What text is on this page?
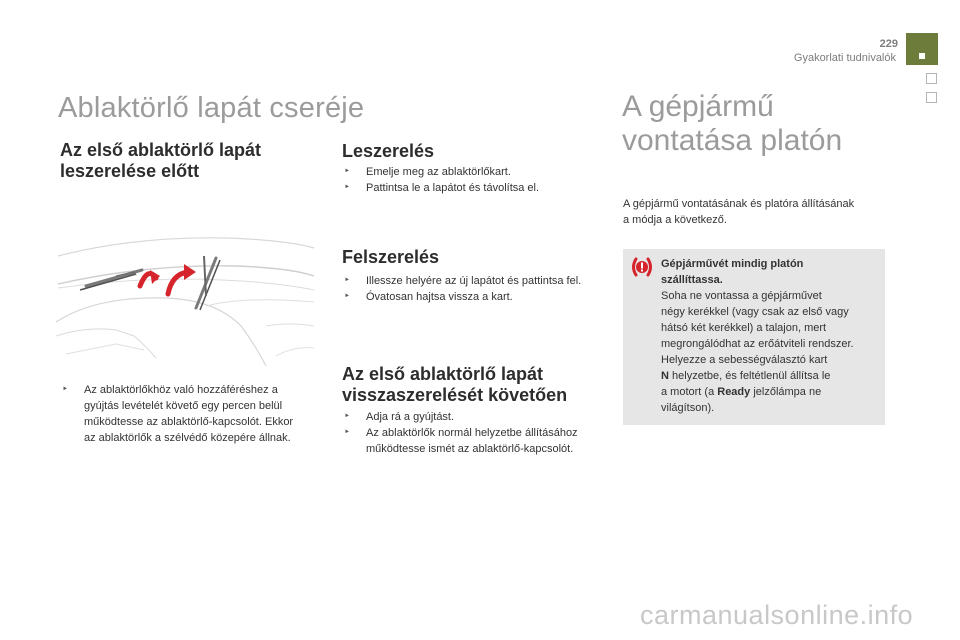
229
Gyakorlati tudnivalók
Ablaktörlő lapát cseréje
Az első ablaktörlő lapát
leszerelése előtt
‣ Az ablaktörlőkhöz való hozzáféréshez a
gyújtás levételét követő egy percen belül
működtesse az ablaktörlő-kapcsolót. Ekkor
az ablaktörlők a szélvédő közepére állnak.
Leszerelés
‣ Emelje meg az ablaktörlőkart.
‣ Pattintsa le a lapátot és távolítsa el.
Felszerelés
‣ Illessze helyére az új lapátot és pattintsa fel.
‣ Óvatosan hajtsa vissza a kart.
Az első ablaktörlő lapát
visszaszerelését követően
‣ Adja rá a gyújtást.
‣ Az ablaktörlők normál helyzetbe állításához
működtesse ismét az ablaktörlő-kapcsolót.
A gépjármű
vontatása platón
A gépjármű vontatásának és platóra állításának
a módja a következő.
Gépjárművét mindig platón
szállíttassa.
Soha ne vontassa a gépjárművet
négy kerékkel (vagy csak az első vagy
hátsó két kerékkel) a talajon, mert
megrongálódhat az erőátviteli rendszer.
Helyezze a sebességválasztó kart
N helyzetbe, és feltétlenül állítsa le
a motort (a Ready jelzőlámpa ne
világítson).
carmanualsonline.info
